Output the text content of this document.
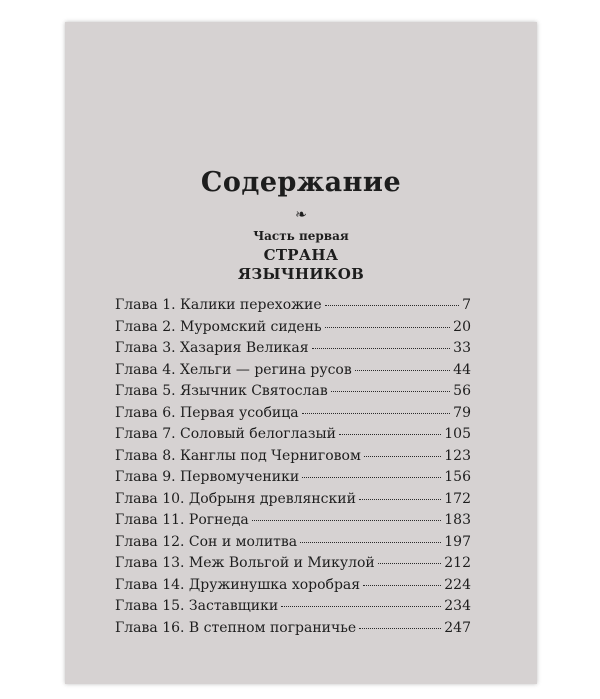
Содержание
❧
Часть первая
СТРАНА
ЯЗЫЧНИКОВ
Глава 1. Калики перехожие	7
Глава 2. Муромский сидень	20
Глава 3. Хазария Великая	33
Глава 4. Хельги — регина русов	44
Глава 5. Язычник Святослав	56
Глава 6. Первая усобица	79
Глава 7. Соловый белоглазый	105
Глава 8. Канглы под Черниговом	123
Глава 9. Первомученики	156
Глава 10. Добрыня древлянский	172
Глава 11. Рогнеда	183
Глава 12. Сон и молитва	197
Глава 13. Меж Вольгой и Микулой	212
Глава 14. Дружинушка хоробрая	224
Глава 15. Заставщики	234
Глава 16. В степном пограничье	247
